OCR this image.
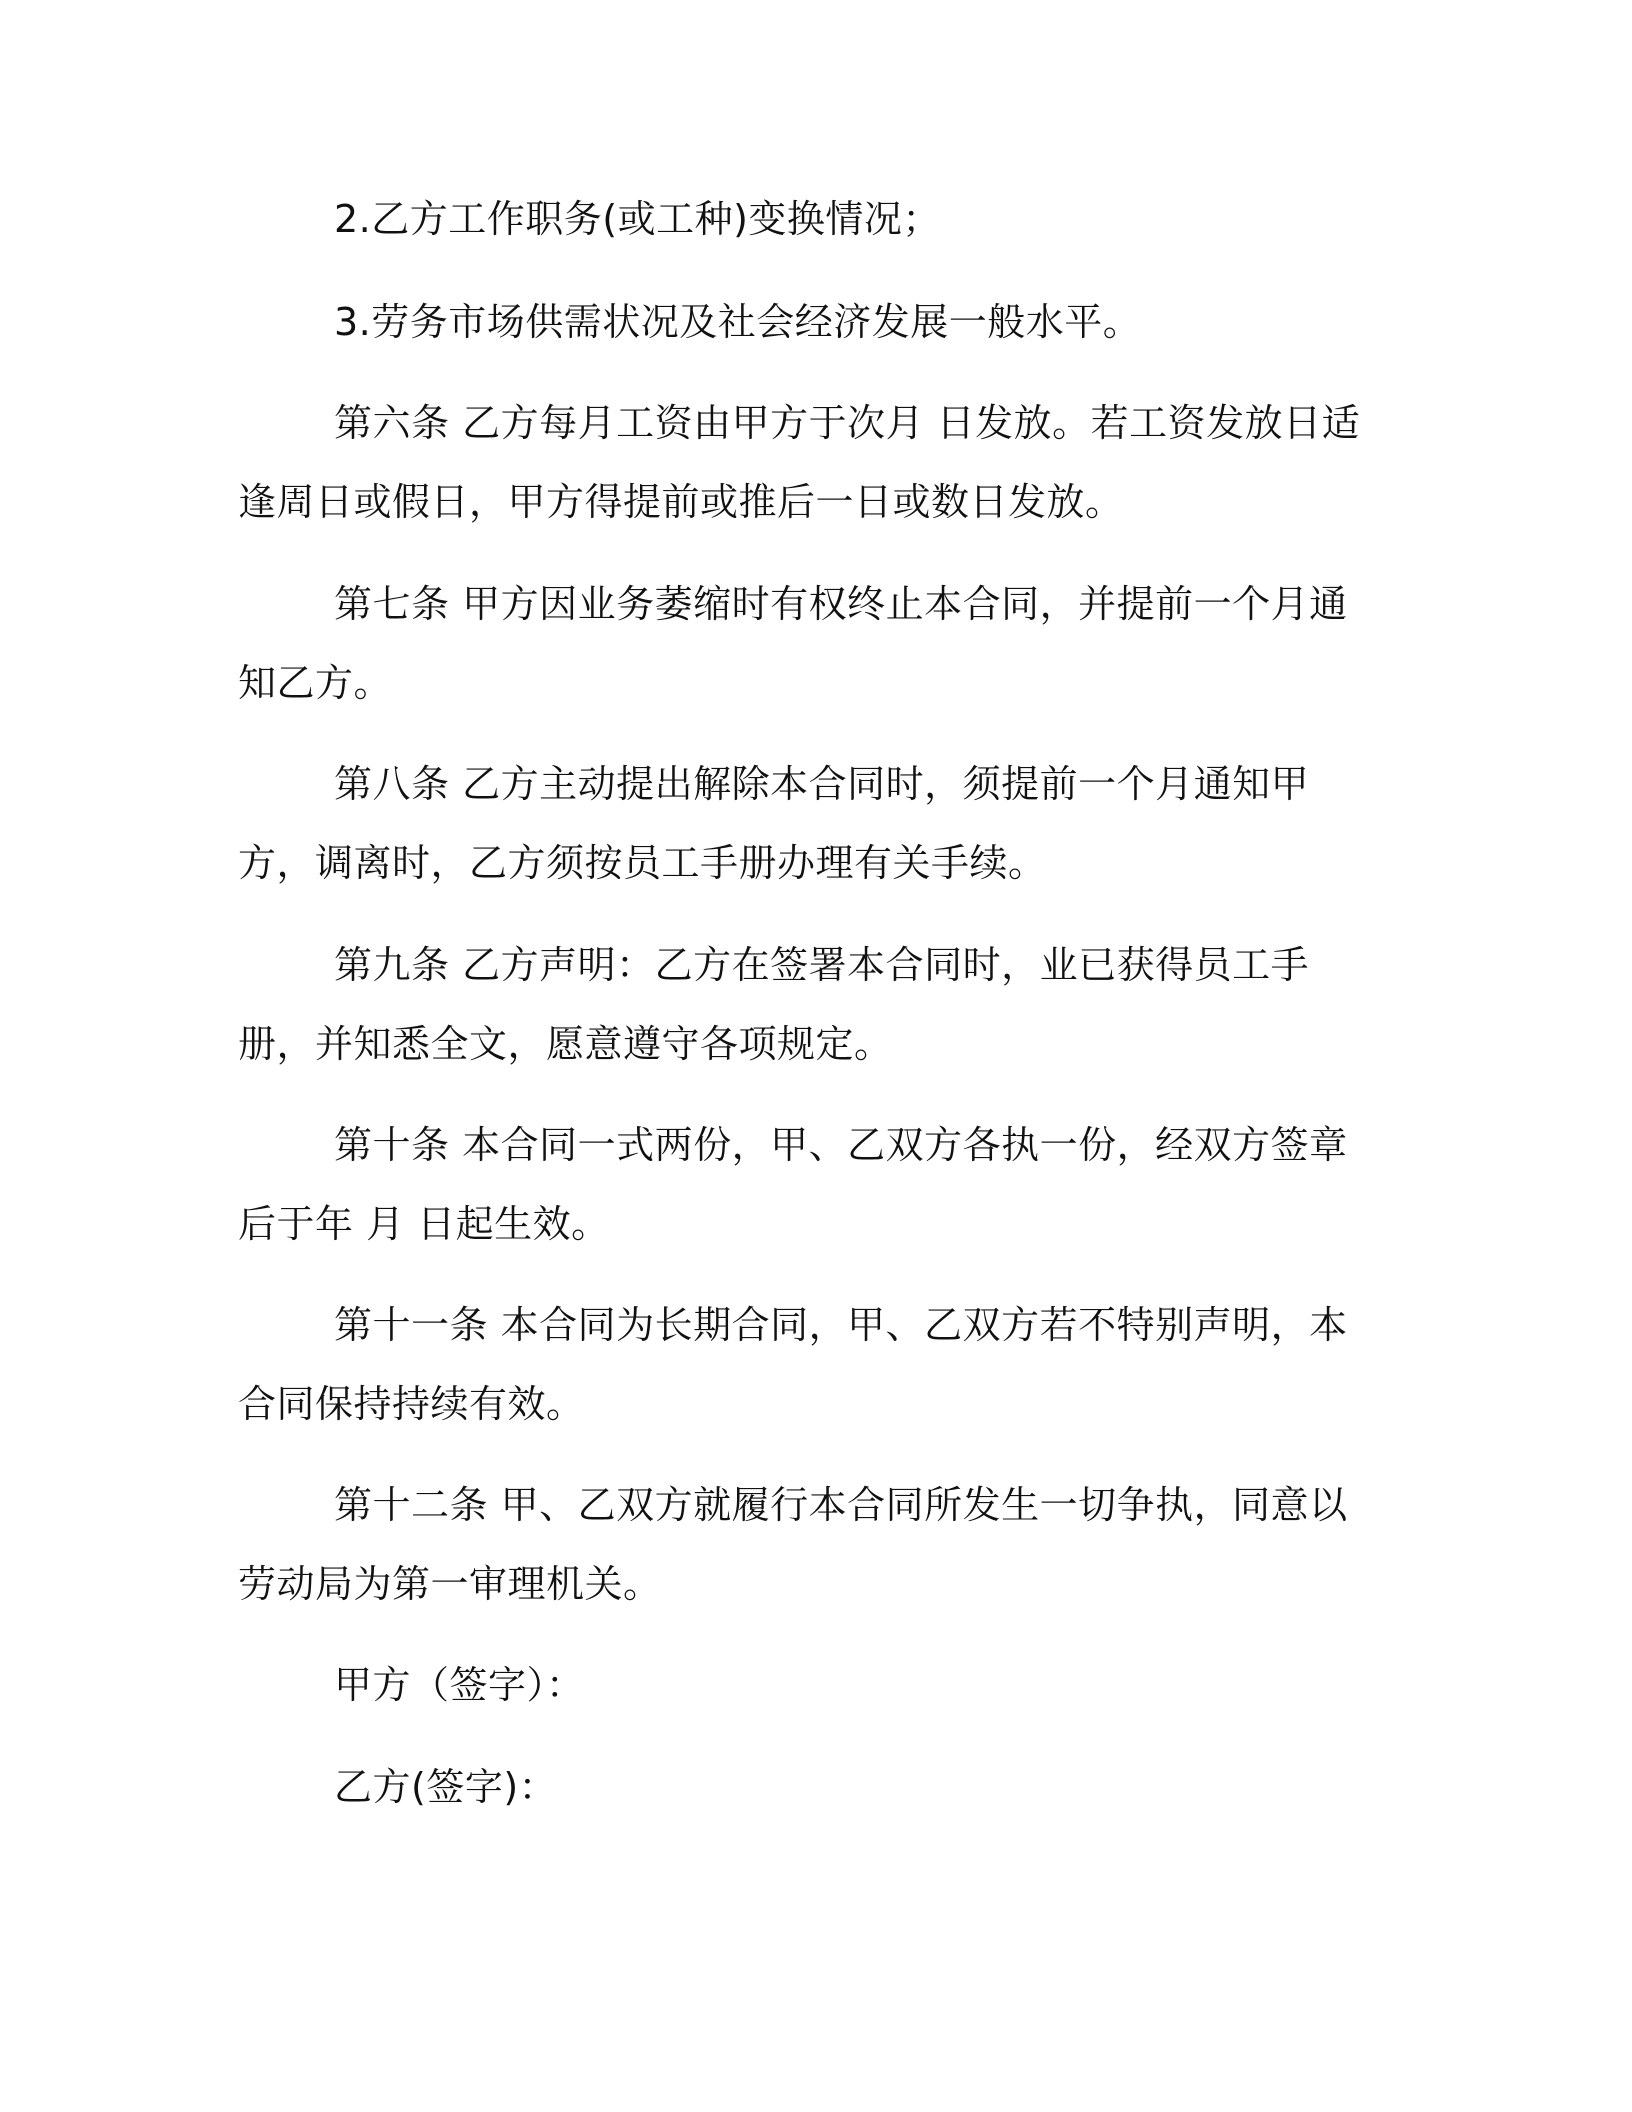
2.乙方工作职务(或工种)变换情况；

3.劳务市场供需状况及社会经济发展一般水平。

第六条 乙方每月工资由甲方于次月 日发放。若工资发放日适逢周日或假日，甲方得提前或推后一日或数日发放。

第七条 甲方因业务萎缩时有权终止本合同，并提前一个月通知乙方。

第八条 乙方主动提出解除本合同时，须提前一个月通知甲方，调离时，乙方须按员工手册办理有关手续。

第九条 乙方声明：乙方在签署本合同时，业已获得员工手册，并知悉全文，愿意遵守各项规定。

第十条 本合同一式两份，甲、乙双方各执一份，经双方签章后于年 月 日起生效。

第十一条 本合同为长期合同，甲、乙双方若不特别声明，本合同保持持续有效。

第十二条 甲、乙双方就履行本合同所发生一切争执，同意以劳动局为第一审理机关。

甲方（签字）：

乙方(签字)：
